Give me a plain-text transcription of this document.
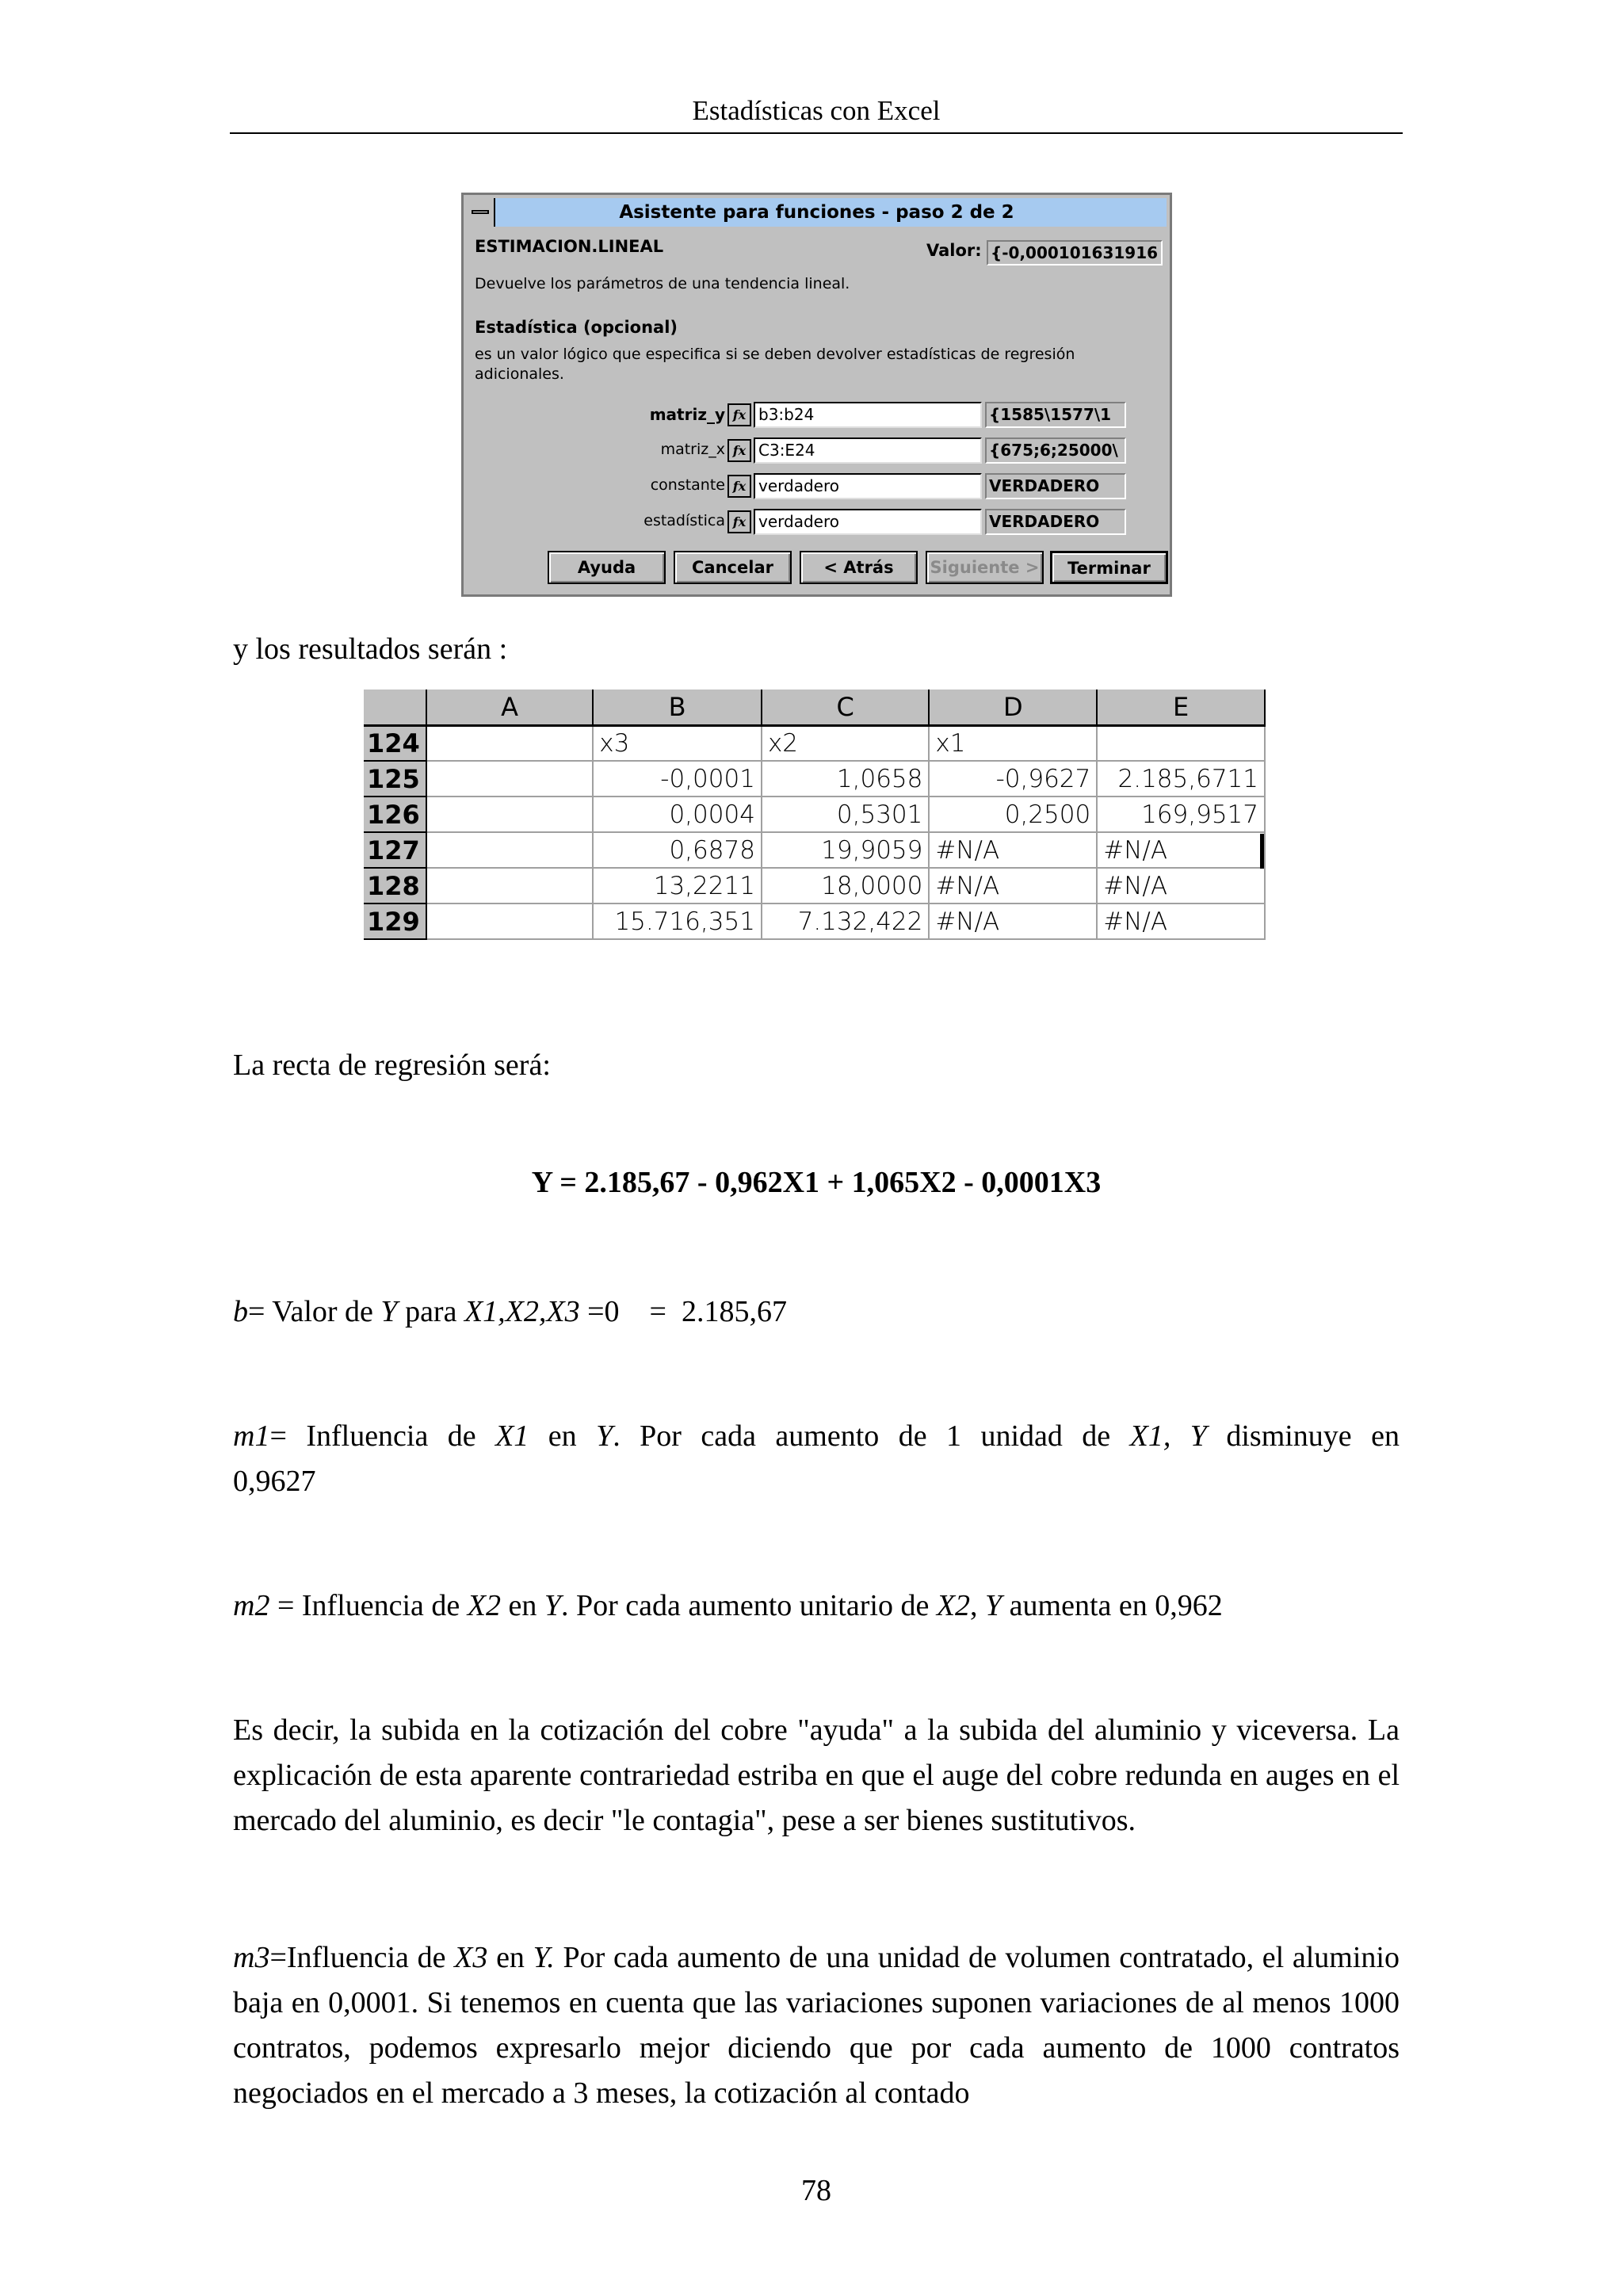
Estadísticas con Excel
Asistente para funciones - paso 2 de 2
ESTIMACION.LINEAL	Valor: {-0,000101631916
Devuelve los parámetros de una tendencia lineal.
Estadística (opcional)
es un valor lógico que especifica si se deben devolver estadísticas de regresión
adicionales.
matriz_y fx b3:b24	{1585\1577\1
matriz_x fx C3:E24	{675;6;25000\
constante fx verdadero	VERDADERO
estadística fx verdadero	VERDADERO
Ayuda	Cancelar	< Atrás	Siguiente >	Terminar
y los resultados serán :
	A	B	C	D	E
124		x3	x2	x1	
125		-0,0001	1,0658	-0,9627	2.185,6711
126		0,0004	0,5301	0,2500	169,9517
127		0,6878	19,9059	#N/A	#N/A
128		13,2211	18,0000	#N/A	#N/A
129		15.716,351	7.132,422	#N/A	#N/A
La recta de regresión será:
Y = 2.185,67 - 0,962X1 + 1,065X2 - 0,0001X3
b= Valor de Y para X1,X2,X3 =0    =  2.185,67
m1= Influencia de X1 en Y. Por cada aumento de 1 unidad de X1, Y disminuye en
0,9627
m2 = Influencia de X2 en Y. Por cada aumento unitario de X2, Y aumenta en 0,962
Es decir, la subida en la cotización del cobre "ayuda" a la subida del aluminio y viceversa. La explicación de esta aparente contrariedad estriba en que el auge del cobre redunda en auges en el mercado del aluminio, es decir "le contagia", pese a ser bienes sustitutivos.
m3=Influencia de X3 en Y. Por cada aumento de una unidad de volumen contratado, el aluminio baja en 0,0001. Si tenemos en cuenta que las variaciones suponen variaciones de al menos 1000 contratos, podemos expresarlo mejor diciendo que por cada aumento de 1000 contratos negociados en el mercado a 3 meses, la cotización al contado
78
